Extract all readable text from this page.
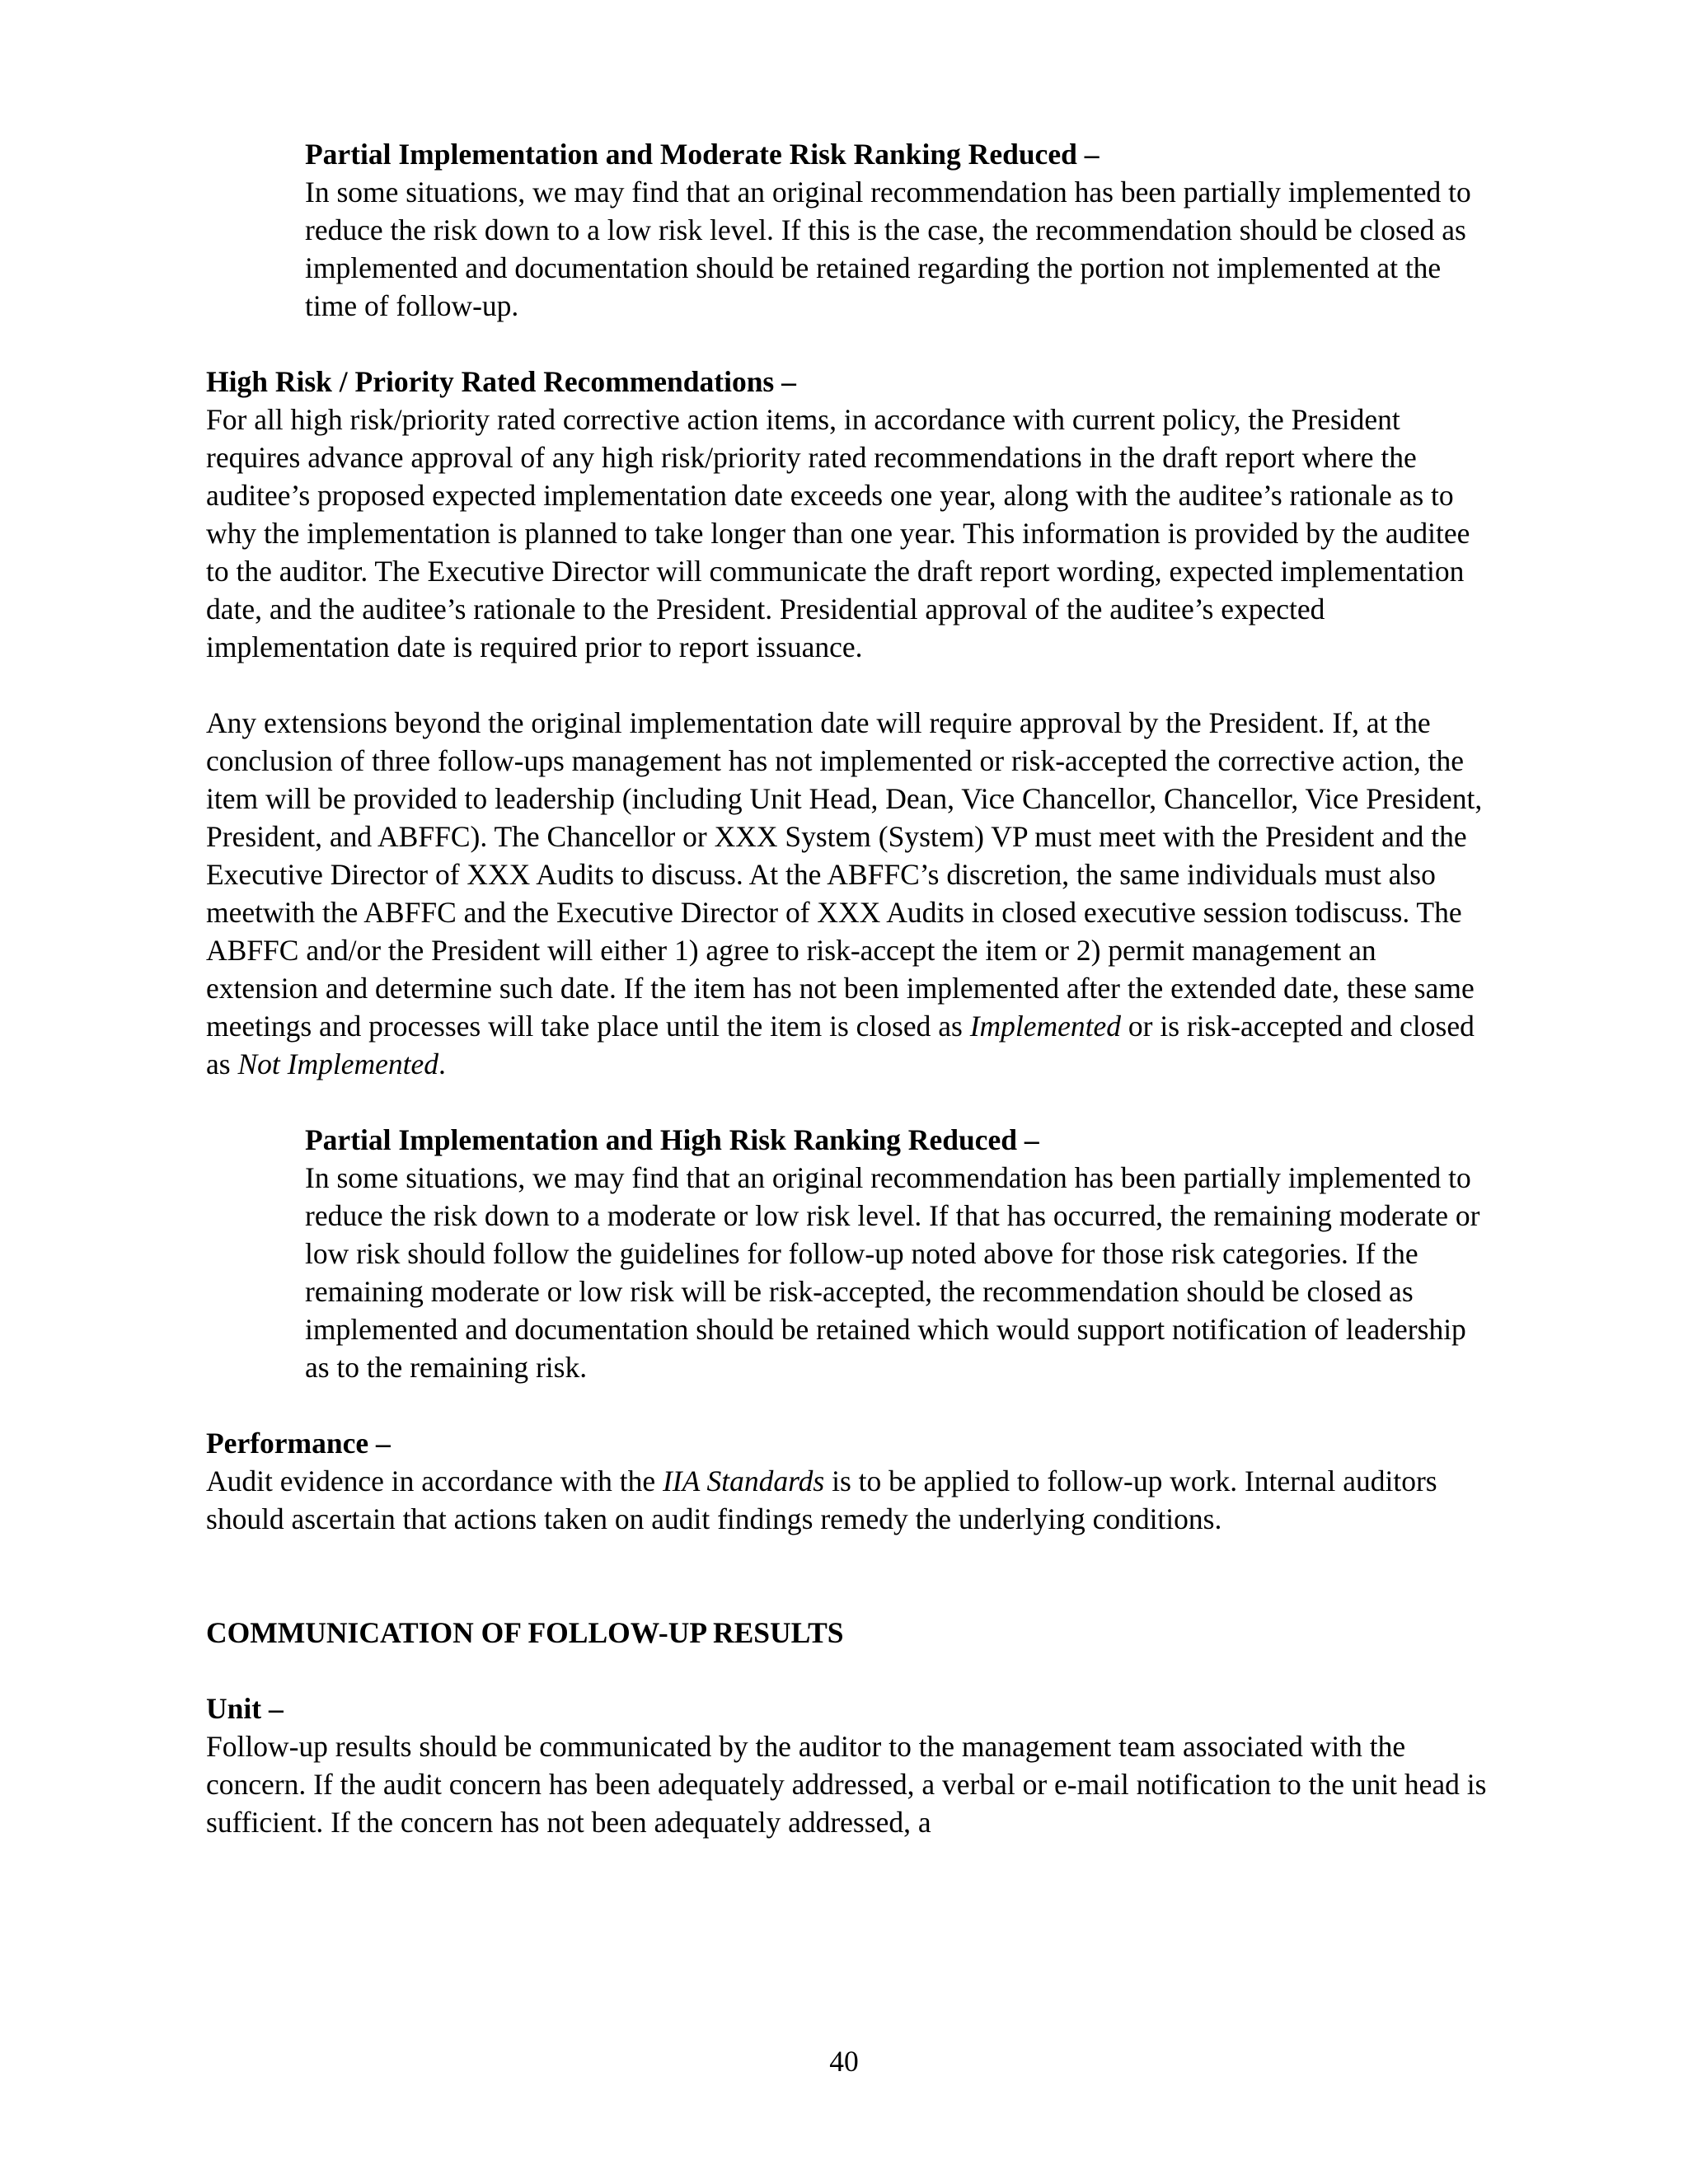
Partial Implementation and Moderate Risk Ranking Reduced –
In some situations, we may find that an original recommendation has been partially implemented to reduce the risk down to a low risk level. If this is the case, the recommendation should be closed as implemented and documentation should be retained regarding the portion not implemented at the time of follow-up.
High Risk / Priority Rated Recommendations –
For all high risk/priority rated corrective action items, in accordance with current policy, the President requires advance approval of any high risk/priority rated recommendations in the draft report where the auditee’s proposed expected implementation date exceeds one year, along with the auditee’s rationale as to why the implementation is planned to take longer than one year. This information is provided by the auditee to the auditor. The Executive Director will communicate the draft report wording, expected implementation date, and the auditee’s rationale to the President. Presidential approval of the auditee’s expected implementation date is required prior to report issuance.
Any extensions beyond the original implementation date will require approval by the President. If, at the conclusion of three follow-ups management has not implemented or risk-accepted the corrective action, the item will be provided to leadership (including Unit Head, Dean, Vice Chancellor, Chancellor, Vice President, President, and ABFFC). The Chancellor or XXX System (System) VP must meet with the President and the Executive Director of XXX Audits to discuss. At the ABFFC’s discretion, the same individuals must also meetwith the ABFFC and the Executive Director of XXX Audits in closed executive session todiscuss. The ABFFC and/or the President will either 1) agree to risk-accept the item or 2) permit management an extension and determine such date. If the item has not been implemented after the extended date, these same meetings and processes will take place until the item is closed as Implemented or is risk-accepted and closed as Not Implemented.
Partial Implementation and High Risk Ranking Reduced –
In some situations, we may find that an original recommendation has been partially implemented to reduce the risk down to a moderate or low risk level. If that has occurred, the remaining moderate or low risk should follow the guidelines for follow-up noted above for those risk categories. If the remaining moderate or low risk will be risk-accepted, the recommendation should be closed as implemented and documentation should be retained which would support notification of leadership as to the remaining risk.
Performance –
Audit evidence in accordance with the IIA Standards is to be applied to follow-up work. Internal auditors should ascertain that actions taken on audit findings remedy the underlying conditions.
COMMUNICATION OF FOLLOW-UP RESULTS
Unit –
Follow-up results should be communicated by the auditor to the management team associated with the concern. If the audit concern has been adequately addressed, a verbal or e-mail notification to the unit head is sufficient. If the concern has not been adequately addressed, a
40
